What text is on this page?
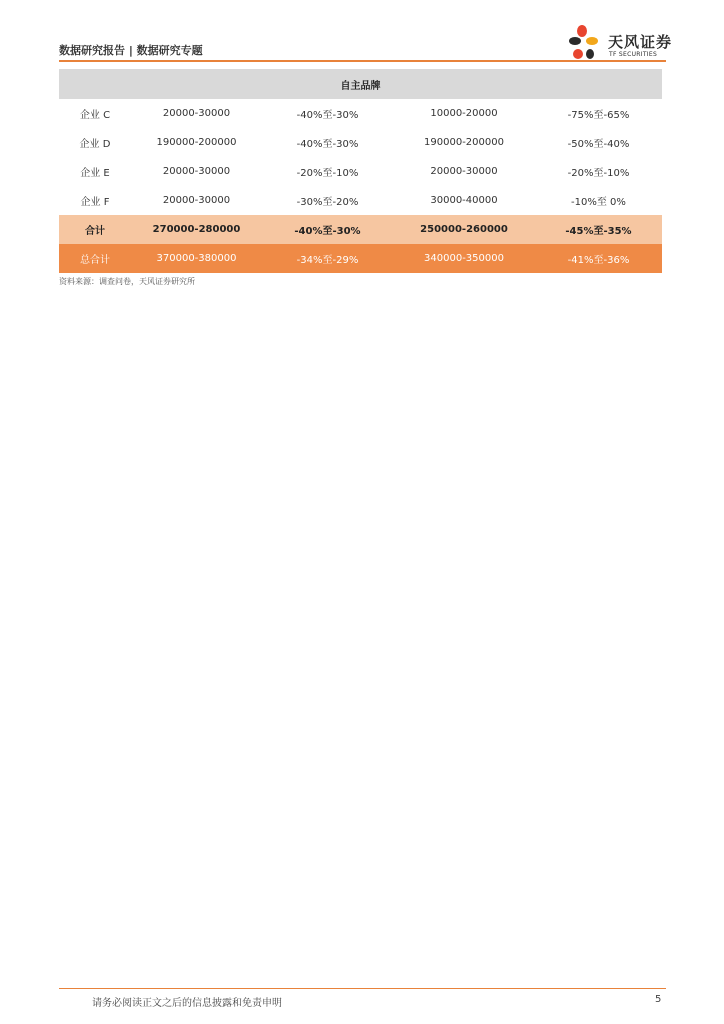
数据研究报告 | 数据研究专题	天风证券
TF SECURITIES
自主品牌				
企业 C	20000-30000	-40%至-30%	10000-20000	-75%至-65%
企业 D	190000-200000	-40%至-30%	190000-200000	-50%至-40%
企业 E	20000-30000	-20%至-10%	20000-30000	-20%至-10%
企业 F	20000-30000	-30%至-20%	30000-40000	-10%至 0%
合计	270000-280000	-40%至-30%	250000-260000	-45%至-35%
总合计	370000-380000	-34%至-29%	340000-350000	-41%至-36%
资料来源：调查问卷，天风证券研究所
请务必阅读正文之后的信息披露和免责申明	5
